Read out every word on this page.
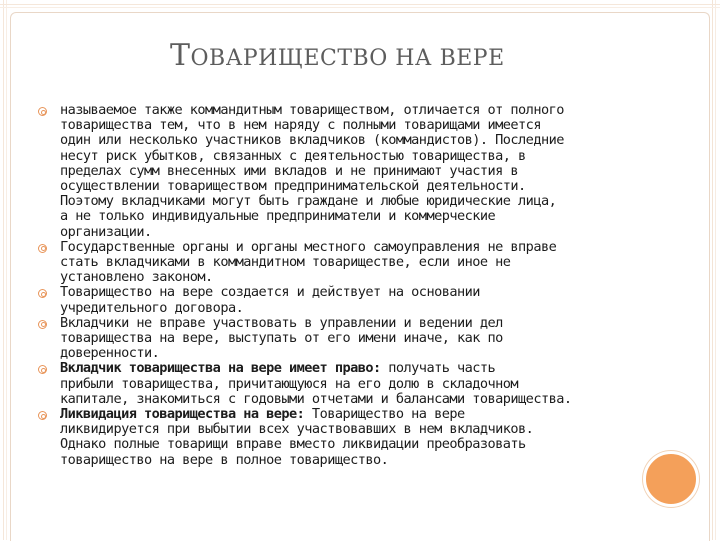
ТОВАРИЩЕСТВО НА ВЕРЕ
называемое также коммандитным товариществом, отличается от полного
товарищества тем, что в нем наряду с полными товарищами имеется
один или несколько участников вкладчиков (коммандистов). Последние
несут риск убытков, связанных с деятельностью товарищества, в
пределах сумм внесенных ими вкладов и не принимают участия в
осуществлении товариществом предпринимательской деятельности.
Поэтому вкладчиками могут быть граждане и любые юридические лица,
а не только индивидуальные предприниматели и коммерческие
организации.
Государственные органы и органы местного самоуправления не вправе
стать вкладчиками в коммандитном товариществе, если иное не
установлено законом.
Товарищество на вере создается и действует на основании
учредительного договора.
Вкладчики не вправе участвовать в управлении и ведении дел
товарищества на вере, выступать от его имени иначе, как по
доверенности.
Вкладчик товарищества на вере имеет право: получать часть
прибыли товарищества, причитающуюся на его долю в складочном
капитале, знакомиться с годовыми отчетами и балансами товарищества.
Ликвидация товарищества на вере: Товарищество на вере
ликвидируется при выбытии всех участвовавших в нем вкладчиков.
Однако полные товарищи вправе вместо ликвидации преобразовать
товарищество на вере в полное товарищество.
